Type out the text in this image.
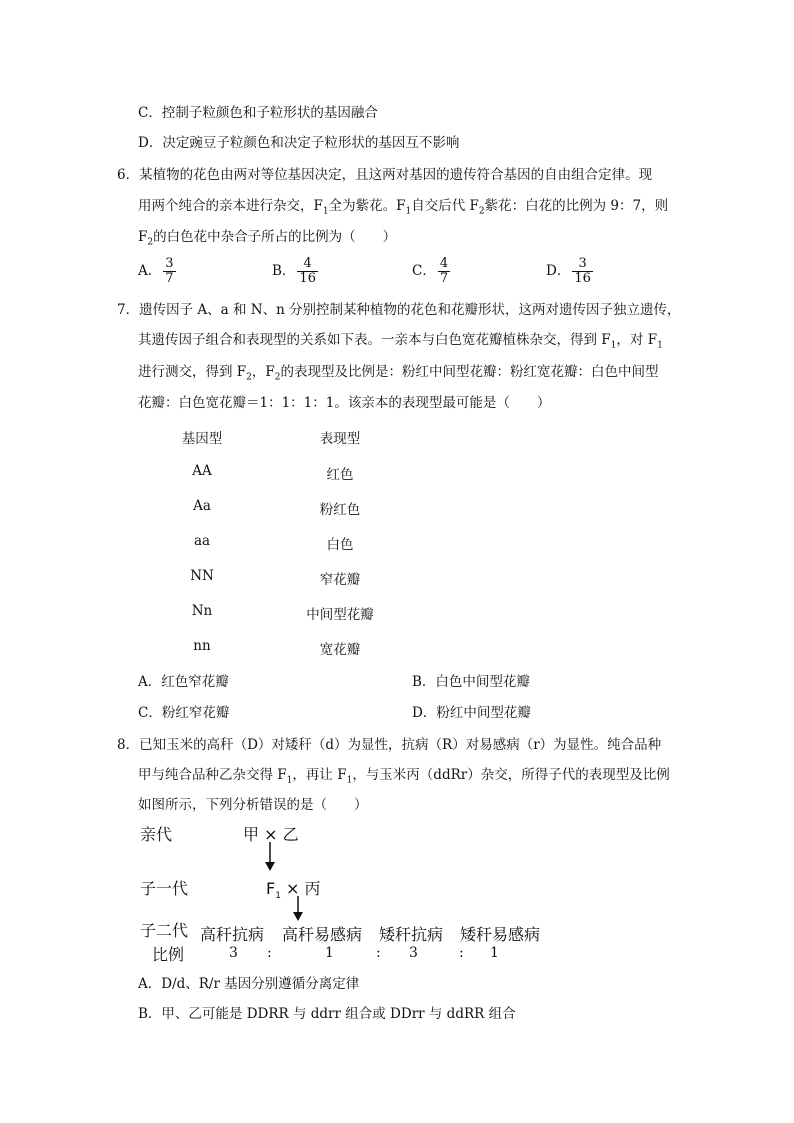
C．控制子粒颜色和子粒形状的基因融合
D．决定豌豆子粒颜色和决定子粒形状的基因互不影响
6．某植物的花色由两对等位基因决定，且这两对基因的遗传符合基因的自由组合定律。现
用两个纯合的亲本进行杂交，$F_1$全为紫花。$F_1$自交后代 $F_2$紫花：白花的比例为 9：7，则
$F_2$的白色花中杂合子所占的比例为（　　）
A． $\frac{3}{7}$	B． $\frac{4}{16}$	C． $\frac{4}{7}$	D． $\frac{3}{16}$
7．遗传因子 A、a 和 N、n 分别控制某种植物的花色和花瓣形状，这两对遗传因子独立遗传，
其遗传因子组合和表现型的关系如下表。一亲本与白色宽花瓣植株杂交，得到 $F_1$，对 $F_1$
进行测交，得到 $F_2$，$F_2$的表现型及比例是：粉红中间型花瓣：粉红宽花瓣：白色中间型
花瓣：白色宽花瓣＝1：1：1：1。该亲本的表现型最可能是（　　）
基因型	表现型
AA	红色
Aa	粉红色
aa	白色
NN	窄花瓣
Nn	中间型花瓣
nn	宽花瓣
A．红色窄花瓣	B．白色中间型花瓣
C．粉红窄花瓣	D．粉红中间型花瓣
8．已知玉米的高秆（D）对矮秆（d）为显性，抗病（R）对易感病（r）为显性。纯合品种
甲与纯合品种乙杂交得 $F_1$，再让 $F_1$，与玉米丙（ddRr）杂交，所得子代的表现型及比例
如图所示，下列分析错误的是（　　）
亲代	甲 × 乙
子一代	$F_1$ × 丙
子二代
比例
高秆抗病 高秆易感病 矮秆抗病 矮秆易感病
3 :	1	: 3	: 1
A．D/d、R/r 基因分别遵循分离定律
B．甲、乙可能是 DDRR 与 ddrr 组合或 DDrr 与 ddRR 组合
